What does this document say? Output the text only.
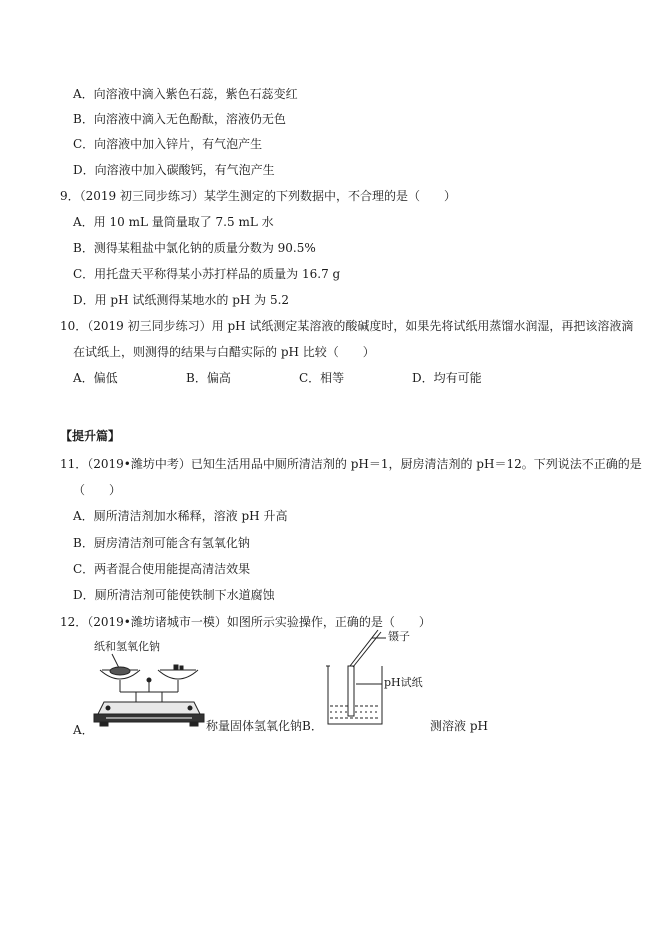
A．向溶液中滴入紫色石蕊，紫色石蕊变红
B．向溶液中滴入无色酚酞，溶液仍无色
C．向溶液中加入锌片，有气泡产生
D．向溶液中加入碳酸钙，有气泡产生
9．（2019 初三同步练习）某学生测定的下列数据中，不合理的是（　　）
A．用 10 mL 量筒量取了 7.5 mL 水
B．测得某粗盐中氯化钠的质量分数为 90.5%
C．用托盘天平称得某小苏打样品的质量为 16.7 g
D．用 pH 试纸测得某地水的 pH 为 5.2
10．（2019 初三同步练习）用 pH 试纸测定某溶液的酸碱度时，如果先将试纸用蒸馏水润湿，再把该溶液滴
在试纸上，则测得的结果与白醋实际的 pH 比较（　　）
A．偏低	B．偏高	C．相等	D．均有可能
【提升篇】
11．（2019•潍坊中考）已知生活用品中厕所清洁剂的 pH＝1，厨房清洁剂的 pH＝12。下列说法不正确的是
（　　）
A．厕所清洁剂加水稀释，溶液 pH 升高
B．厨房清洁剂可能含有氢氧化钠
C．两者混合使用能提高清洁效果
D．厕所清洁剂可能使铁制下水道腐蚀
12．（2019•潍坊诸城市一模）如图所示实验操作，正确的是（　　）
纸和氢氧化钠
A．	称量固体氢氧化钠 B．
镊子
pH试纸
测溶液 pH
